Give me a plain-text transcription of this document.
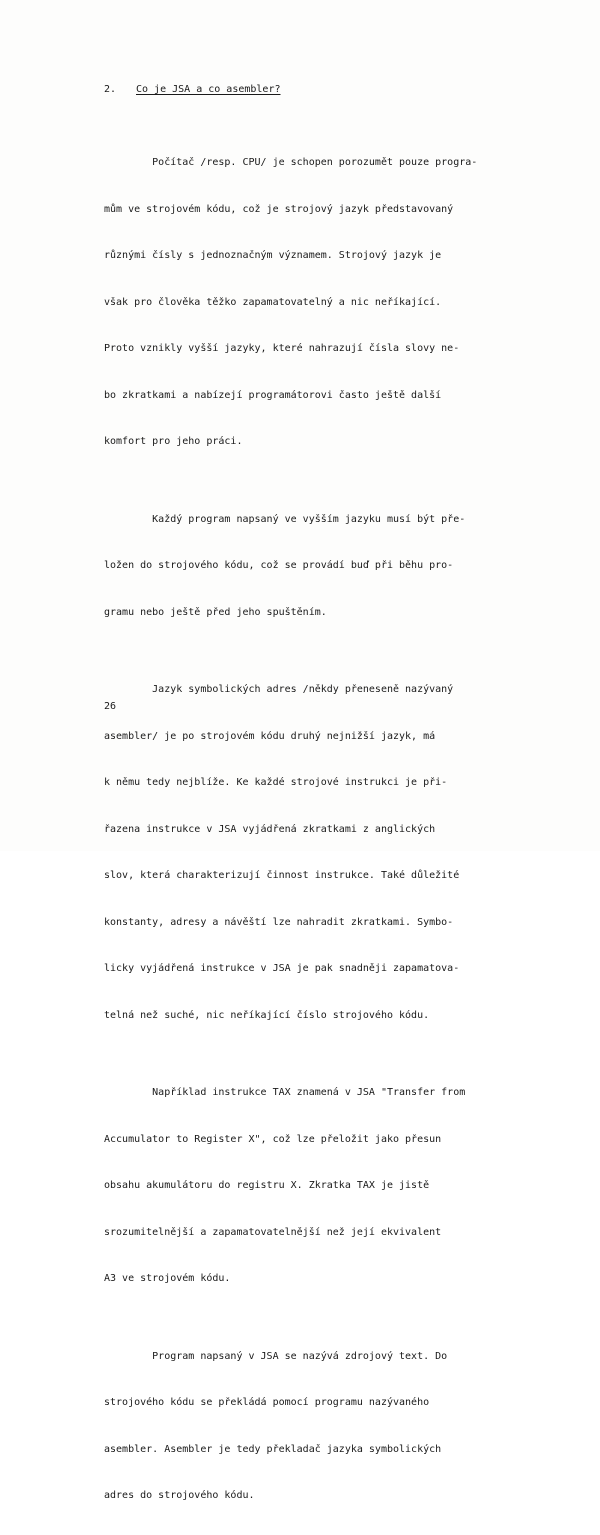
2. Co je JSA a co asembler?

Počítač /resp. CPU/ je schopen porozumět pouze progra-

mům ve strojovém kódu, což je strojový jazyk představovaný

různými čísly s jednoznačným významem. Strojový jazyk je

však pro člověka těžko zapamatovatelný a nic neříkající.

Proto vznikly vyšší jazyky, které nahrazují čísla slovy ne-

bo zkratkami a nabízejí programátorovi často ještě další

komfort pro jeho práci.

Každý program napsaný ve vyšším jazyku musí být pře-

ložen do strojového kódu, což se provádí buď při běhu pro-

gramu nebo ještě před jeho spuštěním.

Jazyk symbolických adres /někdy přeneseně nazývaný

asembler/ je po strojovém kódu druhý nejnižší jazyk, má

k němu tedy nejblíže. Ke každé strojové instrukci je při-

řazena instrukce v JSA vyjádřená zkratkami z anglických

slov, která charakterizují činnost instrukce. Také důležité

konstanty, adresy a návěští lze nahradit zkratkami. Symbo-

licky vyjádřená instrukce v JSA je pak snadněji zapamatova-

telná než suché, nic neříkající číslo strojového kódu.

Například instrukce TAX znamená v JSA "Transfer from

Accumulator to Register X", což lze přeložit jako přesun

obsahu akumulátoru do registru X. Zkratka TAX je jistě

srozumitelnější a zapamatovatelnější než její ekvivalent

A3 ve strojovém kódu.

Program napsaný v JSA se nazývá zdrojový text. Do

strojového kódu se překládá pomocí programu nazývaného

asembler. Asembler je tedy překladač jazyka symbolických

adres do strojového kódu.

26
